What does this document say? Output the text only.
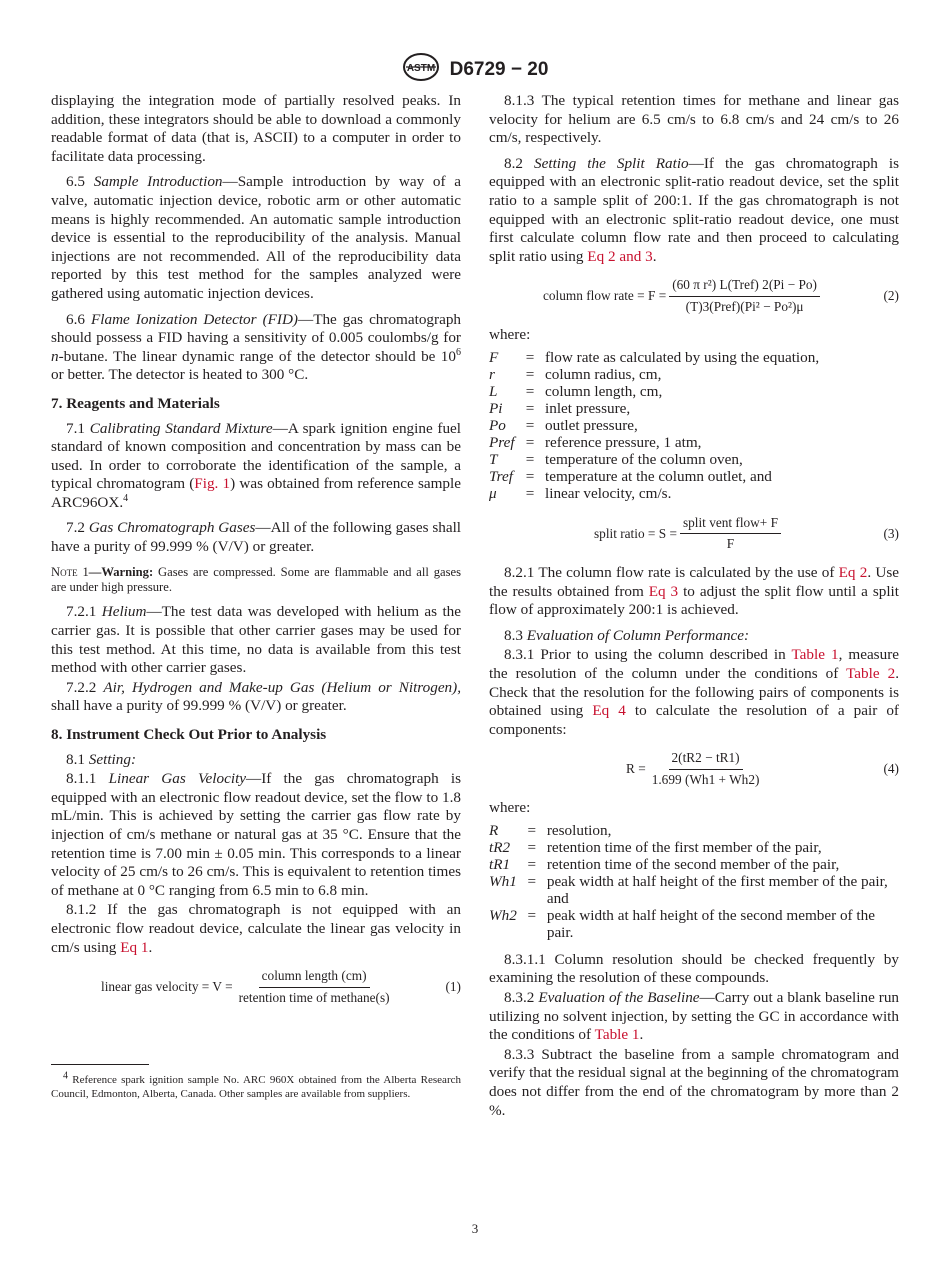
ASTM D6729 − 20

displaying the integration mode of partially resolved peaks. In addition, these integrators should be able to download a commonly readable format of data (that is, ASCII) to a computer in order to facilitate data processing.

6.5 Sample Introduction—Sample introduction by way of a valve, automatic injection device, robotic arm or other automatic means is highly recommended. An automatic sample introduction device is essential to the reproducibility of the analysis. Manual injections are not recommended. All of the reproducibility data reported by this test method for the samples analyzed were gathered using automatic injection devices.

6.6 Flame Ionization Detector (FID)—The gas chromatograph should possess a FID having a sensitivity of 0.005 coulombs/g for n-butane. The linear dynamic range of the detector should be $10^6$ or better. The detector is heated to 300 °C.

7. Reagents and Materials

7.1 Calibrating Standard Mixture—A spark ignition engine fuel standard of known composition and concentration by mass can be used. In order to corroborate the identification of the sample, a typical chromatogram (Fig. 1) was obtained from reference sample ARC96OX.$^4$

7.2 Gas Chromatograph Gases—All of the following gases shall have a purity of 99.999 % (V/V) or greater.

Note 1—Warning: Gases are compressed. Some are flammable and all gases are under high pressure.

7.2.1 Helium—The test data was developed with helium as the carrier gas. It is possible that other carrier gases may be used for this test method. At this time, no data is available from this test method with other carrier gases.

7.2.2 Air, Hydrogen and Make-up Gas (Helium or Nitrogen), shall have a purity of 99.999 % (V/V) or greater.

8. Instrument Check Out Prior to Analysis

8.1 Setting:

8.1.1 Linear Gas Velocity—If the gas chromatograph is equipped with an electronic flow readout device, set the flow to 1.8 mL/min. This is achieved by setting the carrier gas flow rate by injection of cm/s methane or natural gas at 35 °C. Ensure that the retention time is 7.00 min ± 0.05 min. This corresponds to a linear velocity of 25 cm/s to 26 cm/s. This is equivalent to retention times of methane at 0 °C ranging from 6.5 min to 6.8 min.

8.1.2 If the gas chromatograph is not equipped with an electronic flow readout device, calculate the linear gas velocity in cm/s using Eq 1.

linear gas velocity = $V = \frac{\text{column length (cm)}}{\text{retention time of methane(s)}}$	(1)
$^4$ Reference spark ignition sample No. ARC 960X obtained from the Alberta Research Council, Edmonton, Alberta, Canada. Other samples are available from suppliers.

8.1.3 The typical retention times for methane and linear gas velocity for helium are 6.5 cm/s to 6.8 cm/s and 24 cm/s to 26 cm/s, respectively.

8.2 Setting the Split Ratio—If the gas chromatograph is equipped with an electronic split-ratio readout device, set the split ratio to a sample split of 200:1. If the gas chromatograph is not equipped with an electronic split-ratio readout device, one must first calculate column flow rate and then proceed to calculating split ratio using Eq 2 and 3.

column flow rate = $F = \frac{\text{(60 π r²) L(Tref) 2(Pi − Po)}}{\text{(T)3(Pref)(Pi² − Po²)μ}}$	(2)
where:
F	=	flow rate as calculated by using the equation,
r	=	column radius, cm,
L	=	column length, cm,
Pi	=	inlet pressure,
Po	=	outlet pressure,
Pref	=	reference pressure, 1 atm,
T	=	temperature of the column oven,
Tref	=	temperature at the column outlet, and
μ	=	linear velocity, cm/s.
split ratio = $S = \frac{\text{split vent flow+ F}}{F}$	(3)

8.2.1 The column flow rate is calculated by the use of Eq 2. Use the results obtained from Eq 3 to adjust the split flow until a split flow of approximately 200:1 is achieved.

8.3 Evaluation of Column Performance:

8.3.1 Prior to using the column described in Table 1, measure the resolution of the column under the conditions of Table 2. Check that the resolution for the following pairs of components is obtained using Eq 4 to calculate the resolution of a pair of components:

$R = \frac{2(tR2 - tR1)}{1.699 (Wh1 + Wh2)}$	(4)
where:
R	=	resolution,
tR2	=	retention time of the first member of the pair,
tR1	=	retention time of the second member of the pair,
Wh1	=	peak width at half height of the first member of the pair, and
Wh2	=	peak width at half height of the second member of the pair.

8.3.1.1 Column resolution should be checked frequently by examining the resolution of these compounds.

8.3.2 Evaluation of the Baseline—Carry out a blank baseline run utilizing no solvent injection, by setting the GC in accordance with the conditions of Table 1.

8.3.3 Subtract the baseline from a sample chromatogram and verify that the residual signal at the beginning of the chromatogram does not differ from the end of the chromatogram by more than 2 %.

3
